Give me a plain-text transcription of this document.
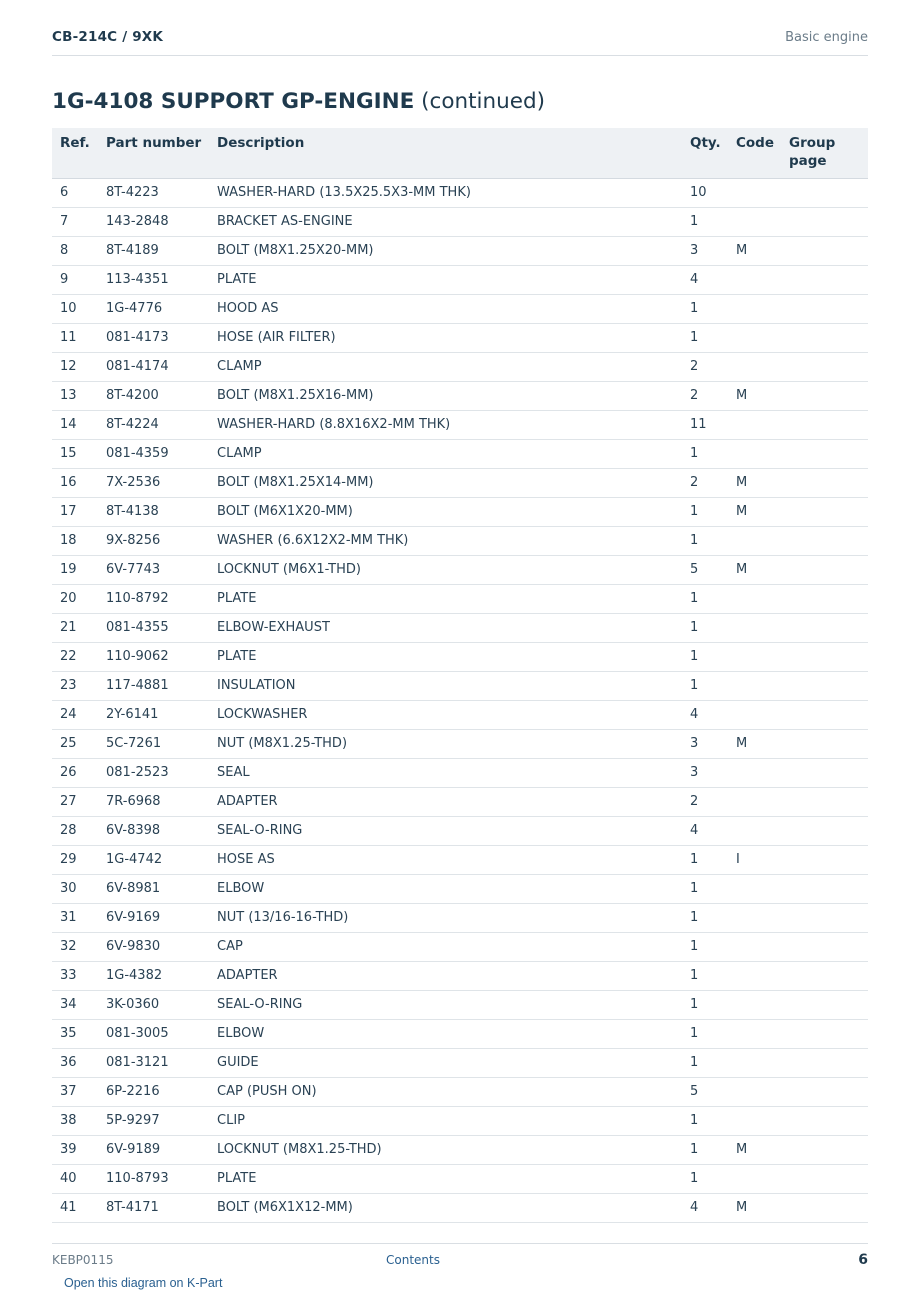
CB-214C / 9XK	Basic engine
1G-4108 SUPPORT GP-ENGINE (continued)
Ref.	Part number	Description	Qty.	Code	Group page
6	8T-4223	WASHER-HARD (13.5X25.5X3-MM THK)	10		
7	143-2848	BRACKET AS-ENGINE	1		
8	8T-4189	BOLT (M8X1.25X20-MM)	3	M	
9	113-4351	PLATE	4		
10	1G-4776	HOOD AS	1		
11	081-4173	HOSE (AIR FILTER)	1		
12	081-4174	CLAMP	2		
13	8T-4200	BOLT (M8X1.25X16-MM)	2	M	
14	8T-4224	WASHER-HARD (8.8X16X2-MM THK)	11		
15	081-4359	CLAMP	1		
16	7X-2536	BOLT (M8X1.25X14-MM)	2	M	
17	8T-4138	BOLT (M6X1X20-MM)	1	M	
18	9X-8256	WASHER (6.6X12X2-MM THK)	1		
19	6V-7743	LOCKNUT (M6X1-THD)	5	M	
20	110-8792	PLATE	1		
21	081-4355	ELBOW-EXHAUST	1		
22	110-9062	PLATE	1		
23	117-4881	INSULATION	1		
24	2Y-6141	LOCKWASHER	4		
25	5C-7261	NUT (M8X1.25-THD)	3	M	
26	081-2523	SEAL	3		
27	7R-6968	ADAPTER	2		
28	6V-8398	SEAL-O-RING	4		
29	1G-4742	HOSE AS	1	I	
30	6V-8981	ELBOW	1		
31	6V-9169	NUT (13/16-16-THD)	1		
32	6V-9830	CAP	1		
33	1G-4382	ADAPTER	1		
34	3K-0360	SEAL-O-RING	1		
35	081-3005	ELBOW	1		
36	081-3121	GUIDE	1		
37	6P-2216	CAP (PUSH ON)	5		
38	5P-9297	CLIP	1		
39	6V-9189	LOCKNUT (M8X1.25-THD)	1	M	
40	110-8793	PLATE	1		
41	8T-4171	BOLT (M6X1X12-MM)	4	M	
KEBP0115	Contents	6
Open this diagram on K-Part
